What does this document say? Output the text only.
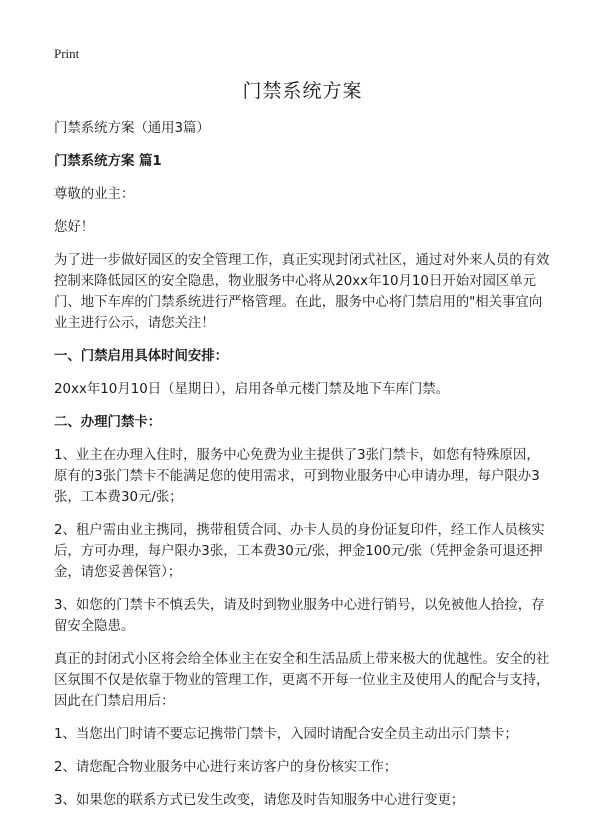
Print
门禁系统方案

门禁系统方案（通用3篇）

门禁系统方案 篇1

尊敬的业主：

您好！

为了进一步做好园区的安全管理工作，真正实现封闭式社区，通过对外来人员的有效控制来降低园区的安全隐患，物业服务中心将从20xx年10月10日开始对园区单元门、地下车库的门禁系统进行严格管理。在此，服务中心将门禁启用的"相关事宜向业主进行公示，请您关注！

一、门禁启用具体时间安排：

20xx年10月10日（星期日），启用各单元楼门禁及地下车库门禁。

二、办理门禁卡：

1、业主在办理入住时，服务中心免费为业主提供了3张门禁卡，如您有特殊原因，原有的3张门禁卡不能满足您的使用需求，可到物业服务中心申请办理，每户限办3张，工本费30元/张；

2、租户需由业主携同，携带租赁合同、办卡人员的身份证复印件，经工作人员核实后，方可办理，每户限办3张，工本费30元/张，押金100元/张（凭押金条可退还押金，请您妥善保管）；

3、如您的门禁卡不慎丢失，请及时到物业服务中心进行销号，以免被他人拾捡，存留安全隐患。

真正的封闭式小区将会给全体业主在安全和生活品质上带来极大的优越性。安全的社区氛围不仅是依靠于物业的管理工作，更离不开每一位业主及使用人的配合与支持，因此在门禁启用后：

1、当您出门时请不要忘记携带门禁卡，入园时请配合安全员主动出示门禁卡；

2、请您配合物业服务中心进行来访客户的身份核实工作；

3、如果您的联系方式已发生改变，请您及时告知服务中心进行变更；
